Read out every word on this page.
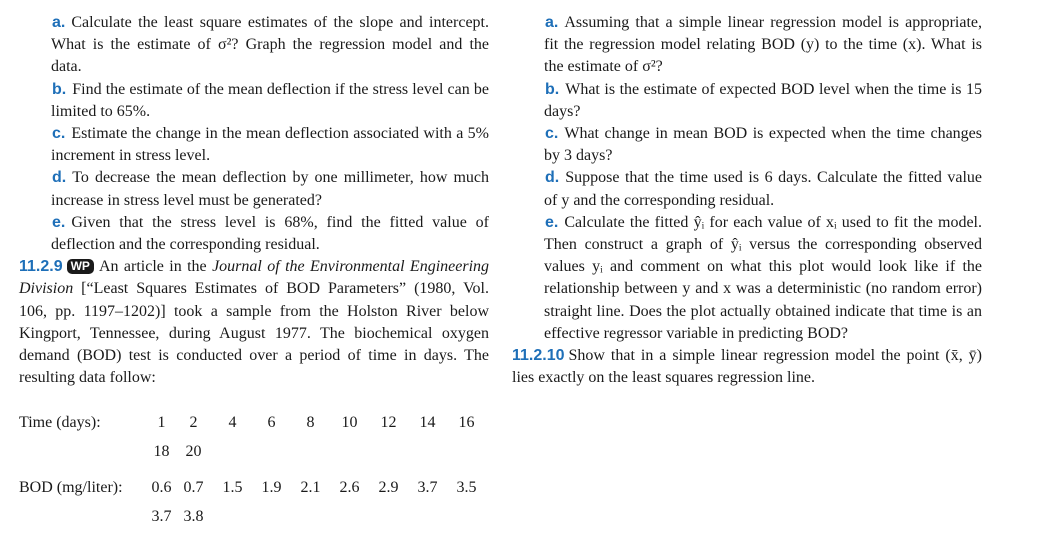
a. Calculate the least square estimates of the slope and intercept. What is the estimate of σ²? Graph the regression model and the data.

b. Find the estimate of the mean deflection if the stress level can be limited to 65%.

c. Estimate the change in the mean deflection associated with a 5% increment in stress level.

d. To decrease the mean deflection by one millimeter, how much increase in stress level must be generated?

e. Given that the stress level is 68%, find the fitted value of deflection and the corresponding residual.

11.2.9 WP An article in the Journal of the Environmental Engineering Division [“Least Squares Estimates of BOD Parameters” (1980, Vol. 106, pp. 1197–1202)] took a sample from the Holston River below Kingport, Tennessee, during August 1977. The biochemical oxygen demand (BOD) test is conducted over a period of time in days. The resulting data follow:

Time (days):	1 2 4 6 8 10 12 14 16
18 20
BOD (mg/liter): 0.6 0.7 1.5 1.9 2.1 2.6 2.9 3.7 3.5
3.7 3.8

a. Assuming that a simple linear regression model is appropriate, fit the regression model relating BOD (y) to the time (x). What is the estimate of σ²?

b. What is the estimate of expected BOD level when the time is 15 days?

c. What change in mean BOD is expected when the time changes by 3 days?

d. Suppose that the time used is 6 days. Calculate the fitted value of y and the corresponding residual.

e. Calculate the fitted ŷᵢ for each value of xᵢ used to fit the model. Then construct a graph of ŷᵢ versus the corresponding observed values yᵢ and comment on what this plot would look like if the relationship between y and x was a deterministic (no random error) straight line. Does the plot actually obtained indicate that time is an effective regressor variable in predicting BOD?

11.2.10 Show that in a simple linear regression model the point (x̄, ȳ) lies exactly on the least squares regression line.
